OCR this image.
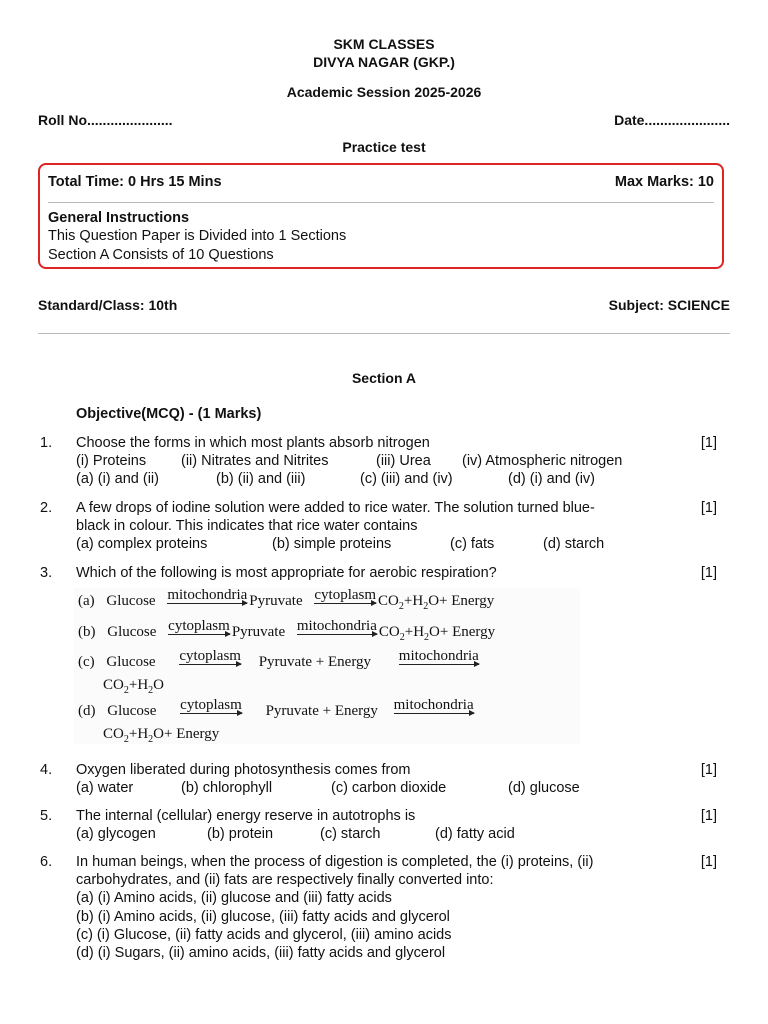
SKM CLASSES
DIVYA NAGAR (GKP.)
Academic Session 2025-2026
Roll No......................	Date......................
Practice test
Total Time: 0 Hrs 15 Mins	Max Marks: 10
General Instructions
This Question Paper is Divided into 1 Sections
Section A Consists of 10 Questions
Standard/Class: 10th	Subject: SCIENCE
Section A
Objective(MCQ) - (1 Marks)
1. Choose the forms in which most plants absorb nitrogen
(i) Proteins (ii) Nitrates and Nitrites	(iii) Urea (iv) Atmospheric nitrogen
(a) (i) and (ii)	(b) (ii) and (iii)	(c) (iii) and (iv)	(d) (i) and (iv)
[1]
2. A few drops of iodine solution were added to rice water. The solution turned blue-
black in colour. This indicates that rice water contains
(a) complex proteins	(b) simple proteins	(c) fats	(d) starch
[1]
3. Which of the following is most appropriate for aerobic respiration?	[1]
(a) Glucose mitochondria Pyruvate cytoplasm $CO_2+H_2O+$ Energy
(b) Glucose cytoplasm Pyruvate mitochondria $CO_2+H_2O+$ Energy
(c) Glucose cytoplasm Pyruvate + Energy mitochondria
$CO_2+H_2O$
(d) Glucose cytoplasm Pyruvate + Energy mitochondria
$CO_2+H_2O+$ Energy
4. Oxygen liberated during photosynthesis comes from
(a) water	(b) chlorophyll	(c) carbon dioxide	(d) glucose
[1]
5. The internal (cellular) energy reserve in autotrophs is
(a) glycogen	(b) protein	(c) starch	(d) fatty acid
[1]
6. In human beings, when the process of digestion is completed, the (i) proteins, (ii)
carbohydrates, and (ii) fats are respectively finally converted into:
(a) (i) Amino acids, (ii) glucose and (iii) fatty acids
(b) (i) Amino acids, (ii) glucose, (iii) fatty acids and glycerol
(c) (i) Glucose, (ii) fatty acids and glycerol, (iii) amino acids
(d) (i) Sugars, (ii) amino acids, (iii) fatty acids and glycerol
[1]
